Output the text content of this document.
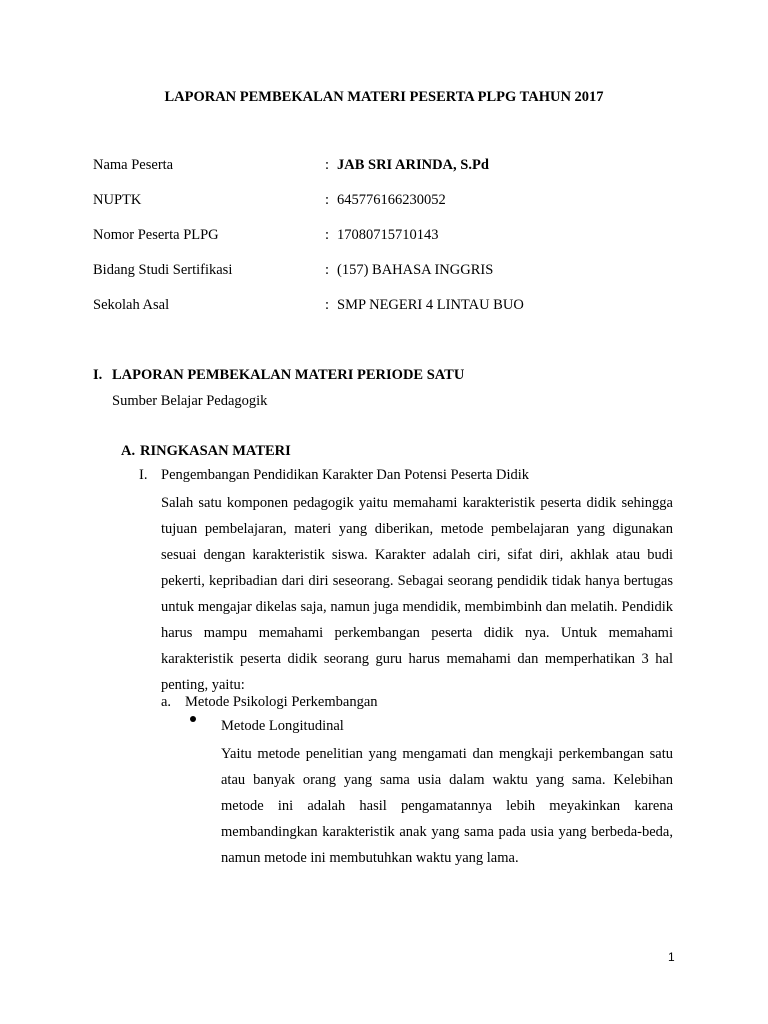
LAPORAN PEMBEKALAN MATERI PESERTA PLPG TAHUN 2017
Nama Peserta	: JAB SRI ARINDA, S.Pd
NUPTK	: 645776166230052
Nomor Peserta PLPG	: 17080715710143
Bidang Studi Sertifikasi	: (157) BAHASA INGGRIS
Sekolah Asal	: SMP NEGERI 4 LINTAU BUO
I. LAPORAN PEMBEKALAN MATERI PERIODE SATU
Sumber Belajar Pedagogik
A. RINGKASAN MATERI
I. Pengembangan Pendidikan Karakter Dan Potensi Peserta Didik

Salah satu komponen pedagogik yaitu memahami karakteristik peserta didik sehingga tujuan pembelajaran, materi yang diberikan, metode pembelajaran yang digunakan sesuai dengan karakteristik siswa. Karakter adalah ciri, sifat diri, akhlak atau budi pekerti, kepribadian dari diri seseorang. Sebagai seorang pendidik tidak hanya bertugas untuk mengajar dikelas saja, namun juga mendidik, membimbinh dan melatih. Pendidik harus mampu memahami perkembangan peserta didik nya. Untuk memahami karakteristik peserta didik seorang guru harus memahami dan memperhatikan 3 hal penting, yaitu:

a. Metode Psikologi Perkembangan
Metode Longitudinal

Yaitu metode penelitian yang mengamati dan mengkaji perkembangan satu atau banyak orang yang sama usia dalam waktu yang sama. Kelebihan metode ini adalah hasil pengamatannya lebih meyakinkan karena membandingkan karakteristik anak yang sama pada usia yang berbeda-beda, namun metode ini membutuhkan waktu yang lama.

1
